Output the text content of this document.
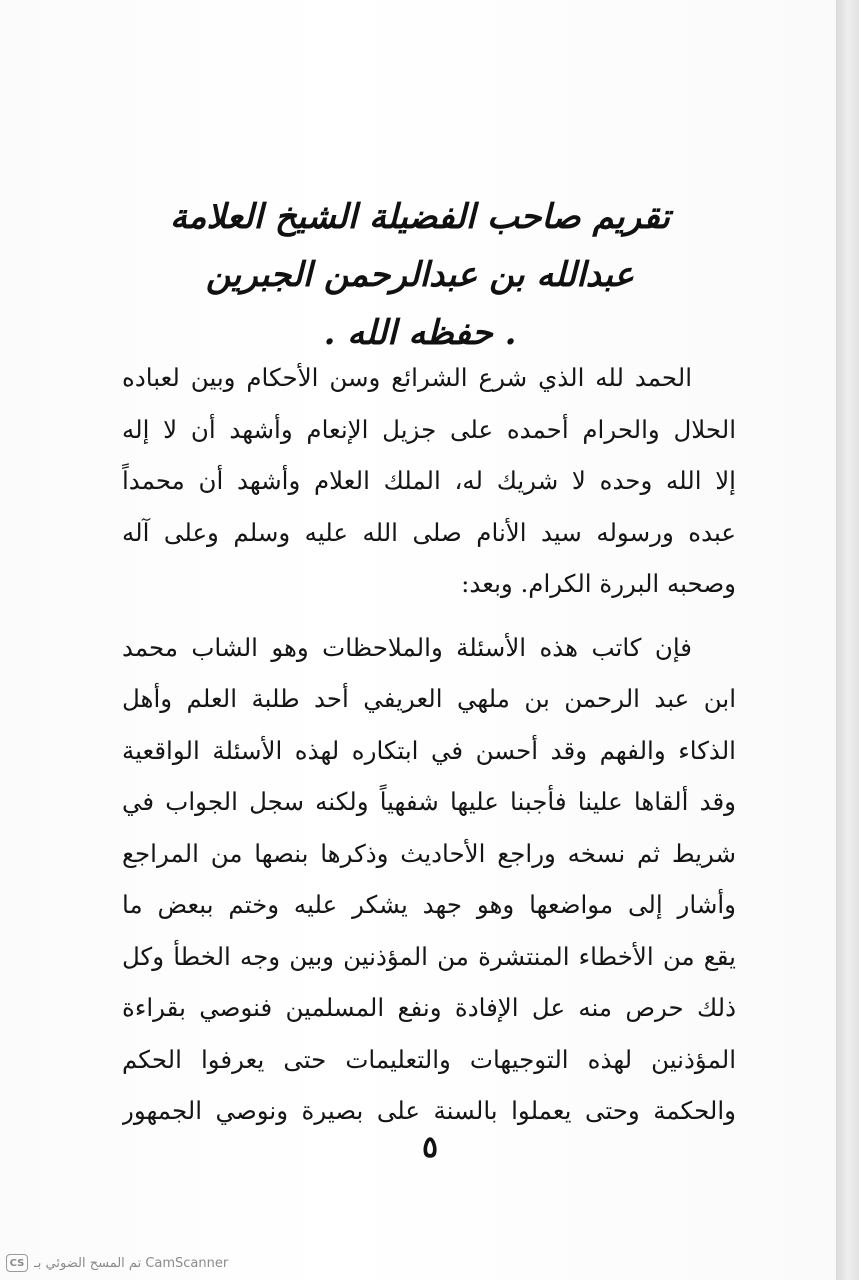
تقريم صاحب الفضيلة الشيخ العلامة
عبدالله بن عبدالرحمن الجبرين
. حفظه الله .
الحمد لله الذي شرع الشرائع وسن الأحكام وبين لعباده
الحلال والحرام أحمده على جزيل الإنعام وأشهد أن لا إله
إلا الله وحده لا شريك له، الملك العلام وأشهد أن محمداً
عبده ورسوله سيد الأنام صلى الله عليه وسلم وعلى آله
وصحبه البررة الكرام. وبعد:
فإن كاتب هذه الأسئلة والملاحظات وهو الشاب محمد
ابن عبد الرحمن بن ملهي العريفي أحد طلبة العلم وأهل
الذكاء والفهم وقد أحسن في ابتكاره لهذه الأسئلة الواقعية
وقد ألقاها علينا فأجبنا عليها شفهياً ولكنه سجل الجواب في
شريط ثم نسخه وراجع الأحاديث وذكرها بنصها من المراجع
وأشار إلى مواضعها وهو جهد يشكر عليه وختم ببعض ما
يقع من الأخطاء المنتشرة من المؤذنين وبين وجه الخطأ وكل
ذلك حرص منه عل الإفادة ونفع المسلمين فنوصي بقراءة
المؤذنين لهذه التوجيهات والتعليمات حتى يعرفوا الحكم
والحكمة وحتى يعملوا بالسنة على بصيرة ونوصي الجمهور
٥
CS تم المسح الضوئي بـ CamScanner
